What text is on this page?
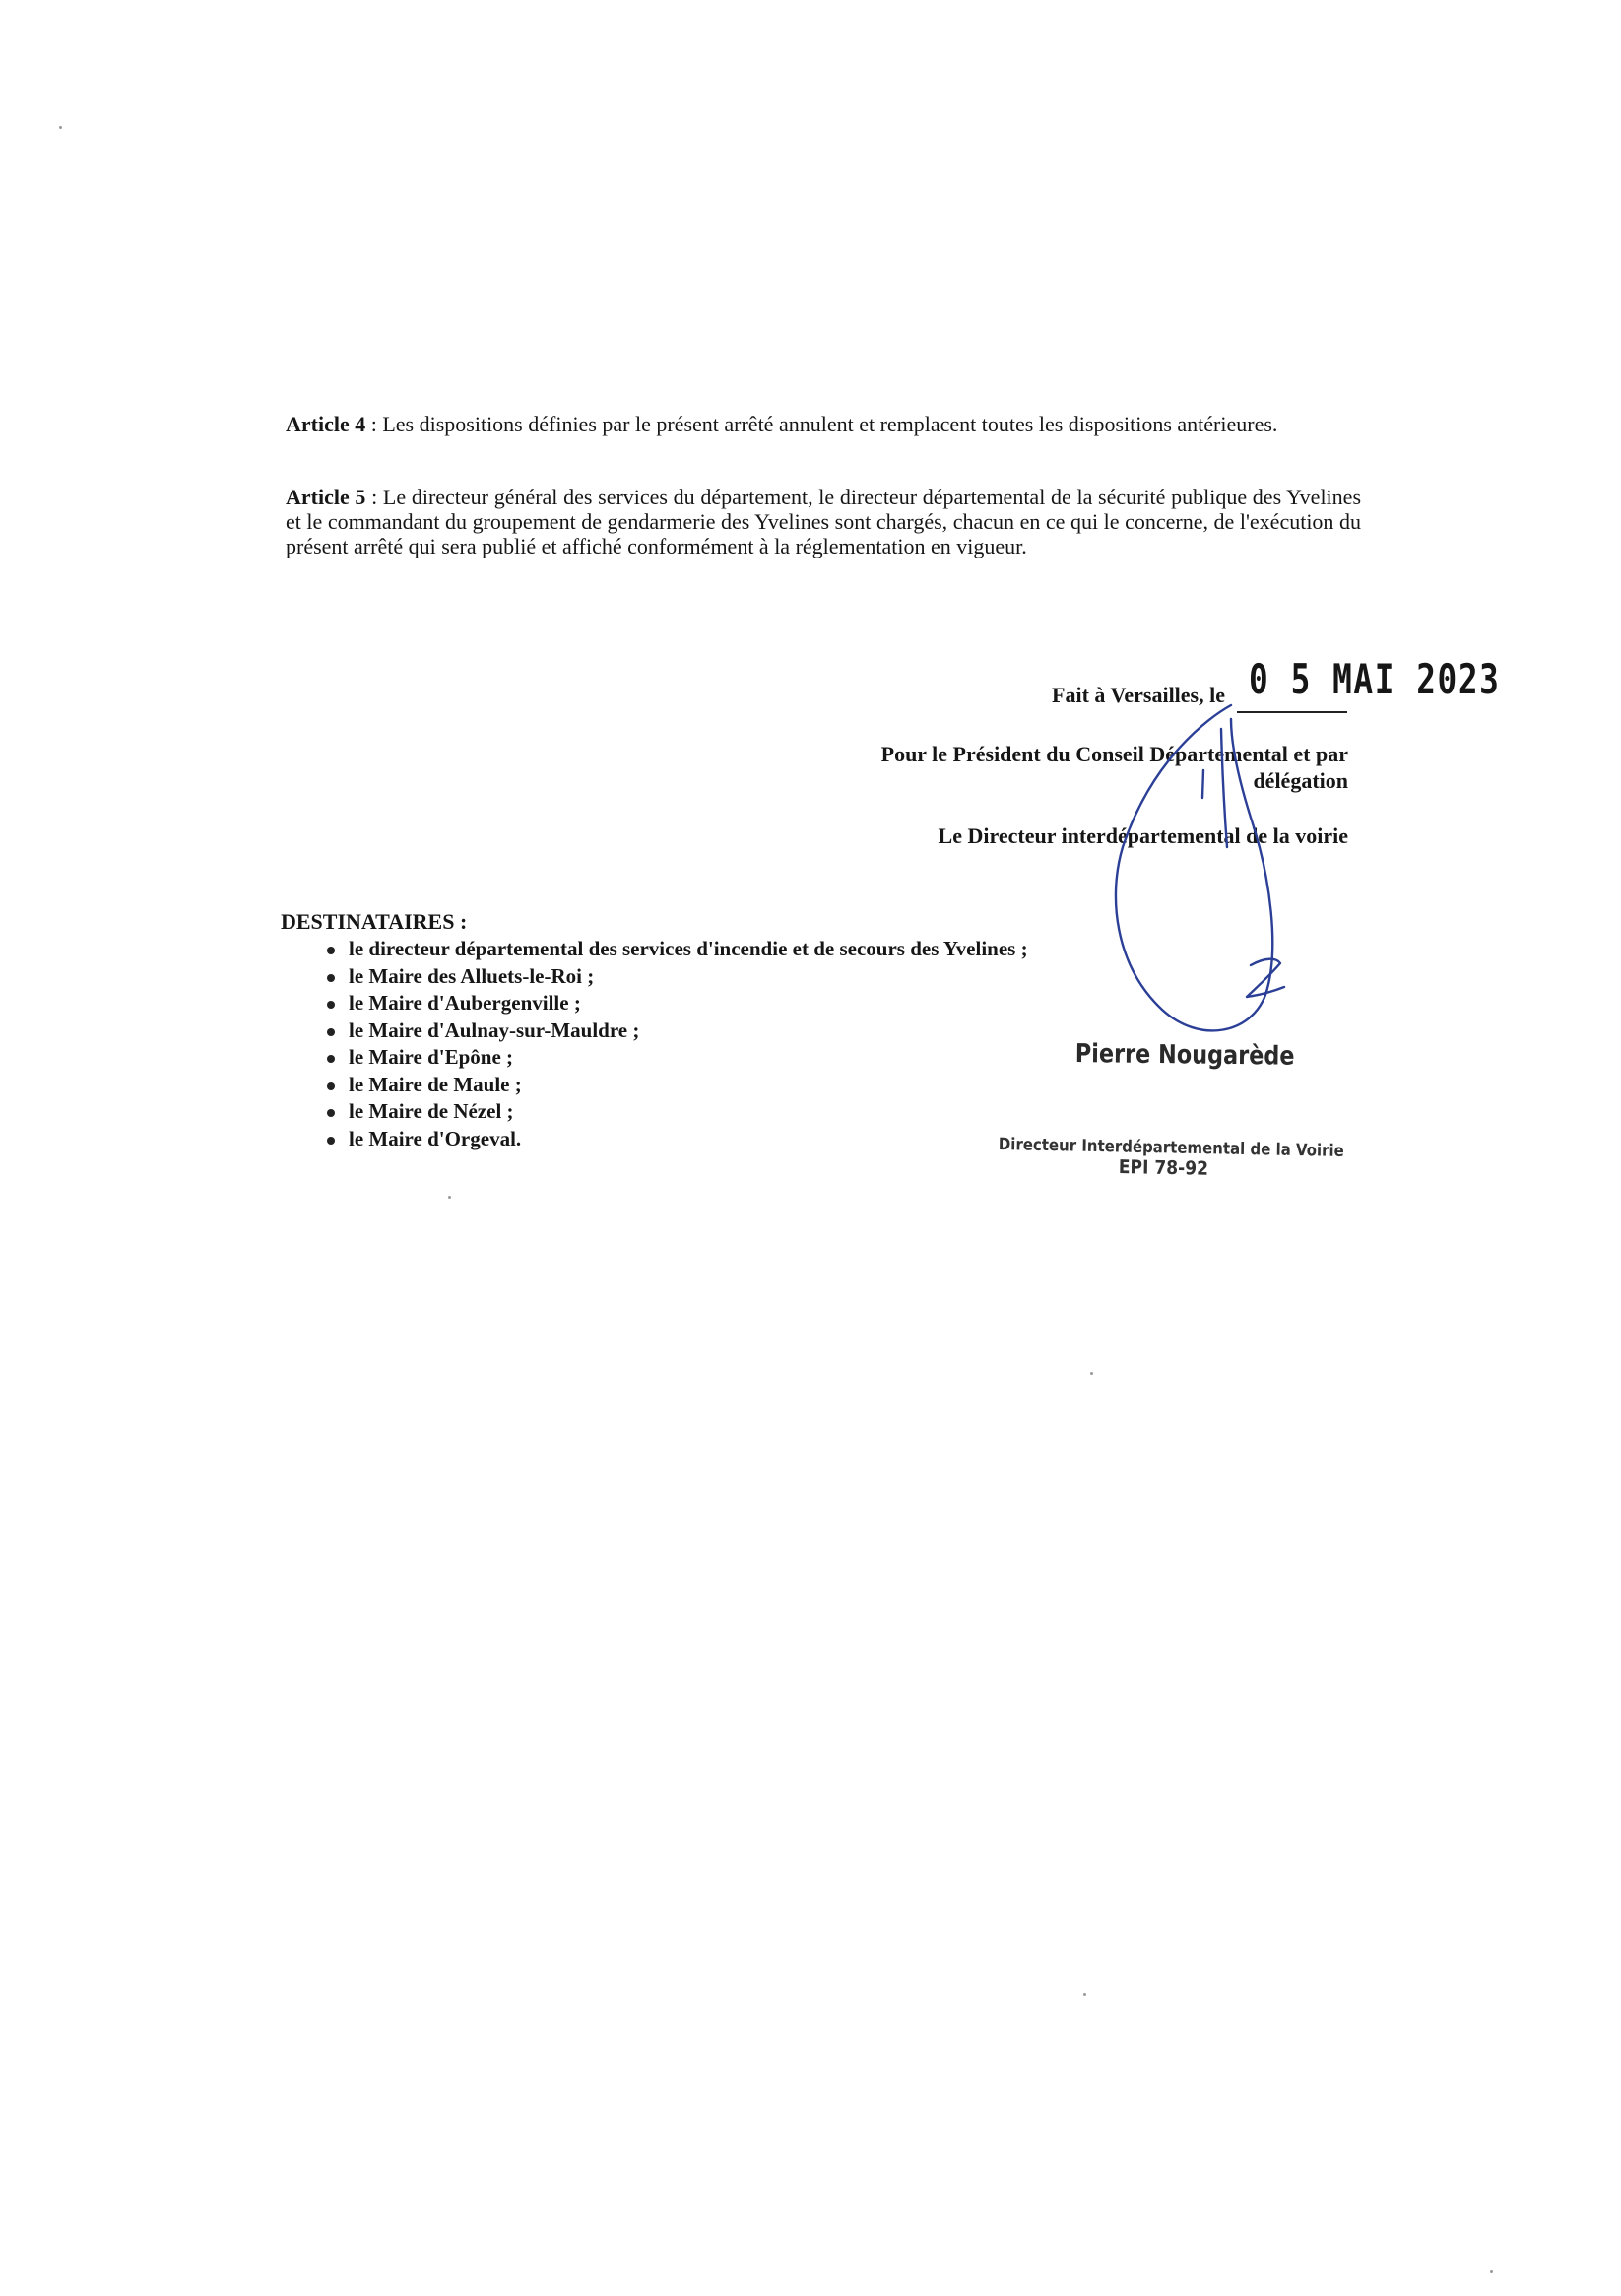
Article 4 : Les dispositions définies par le présent arrêté annulent et remplacent toutes les dispositions antérieures.

Article 5 : Le directeur général des services du département, le directeur départemental de la sécurité publique des Yvelines et le commandant du groupement de gendarmerie des Yvelines sont chargés, chacun en ce qui le concerne, de l'exécution du présent arrêté qui sera publié et affiché conformément à la réglementation en vigueur.

Fait à Versailles, le 0 5 MAI 2023

Pour le Président du Conseil Départemental et par délégation

Le Directeur interdépartemental de la voirie

DESTINATAIRES :

le directeur départemental des services d'incendie et de secours des Yvelines ;
le Maire des Alluets-le-Roi ;
le Maire d'Aubergenville ;
le Maire d'Aulnay-sur-Mauldre ;
le Maire d'Epône ;
le Maire de Maule ;
le Maire de Nézel ;
le Maire d'Orgeval.
Pierre Nougarède
Directeur Interdépartemental de la Voirie
EPI 78-92
